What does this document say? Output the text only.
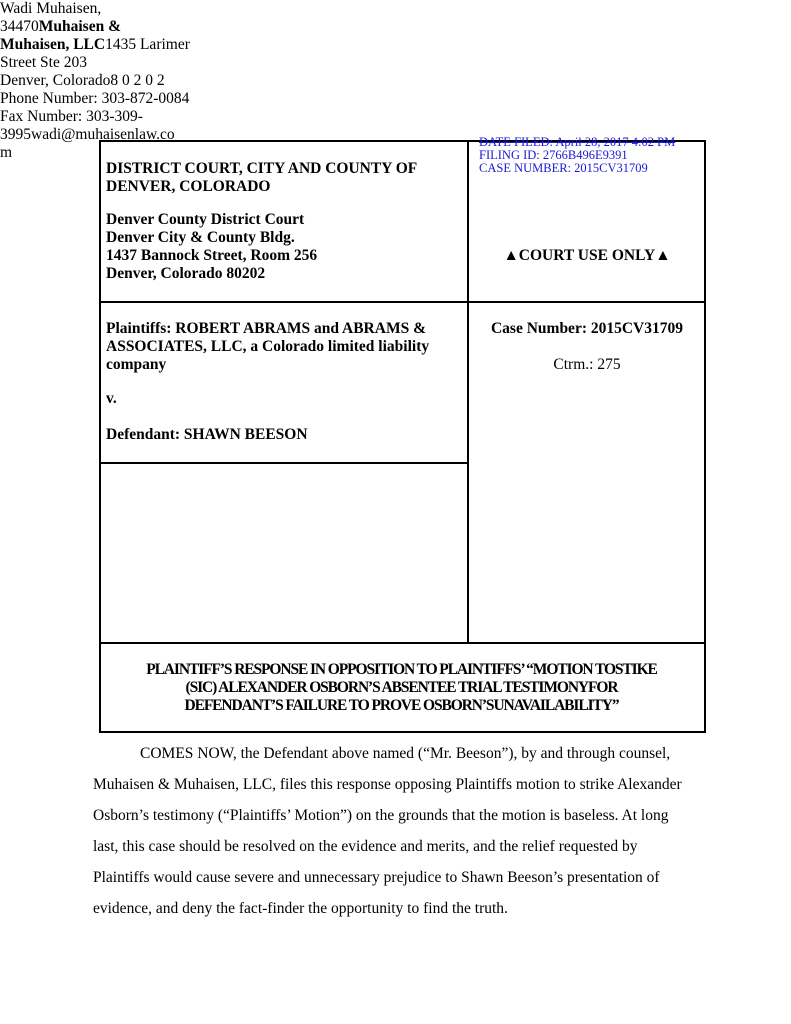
DATE FILED: April 28, 2017 4:02 PM
FILING ID: 2766B496E9391
CASE NUMBER: 2015CV31709
DISTRICT COURT, CITY AND COUNTY OF
DENVER, COLORADO
Denver County District Court
Denver City & County Bldg.
1437 Bannock Street, Room 256
Denver, Colorado 80202
▲COURT USE ONLY▲
Plaintiffs: ROBERT ABRAMS and ABRAMS &
ASSOCIATES, LLC, a Colorado limited liability
company
v.
Defendant: SHAWN BEESON
Case Number: 2015CV31709
Ctrm.: 275
Wadi Muhaisen,
34470Muhaisen &
Muhaisen, LLC1435 Larimer
Street Ste 203
Denver, Colorado8 0 2 0 2
Phone Number: 303-872-0084
Fax Number: 303-309-
3995wadi@muhaisenlaw.co
m
PLAINTIFF’S RESPONSE IN OPPOSITION TO PLAINTIFFS’ “MOTION TOSTIKE
(SIC) ALEXANDER OSBORN’S ABSENTEE TRIAL TESTIMONYFOR
DEFENDANT’S FAILURE TO PROVE OSBORN’SUNAVAILABILITY”
COMES NOW, the Defendant above named (“Mr. Beeson”), by and through counsel,
Muhaisen & Muhaisen, LLC, files this response opposing Plaintiffs motion to strike Alexander
Osborn’s testimony (“Plaintiffs’ Motion”) on the grounds that the motion is baseless. At long
last, this case should be resolved on the evidence and merits, and the relief requested by
Plaintiffs would cause severe and unnecessary prejudice to Shawn Beeson’s presentation of
evidence, and deny the fact-finder the opportunity to find the truth.
